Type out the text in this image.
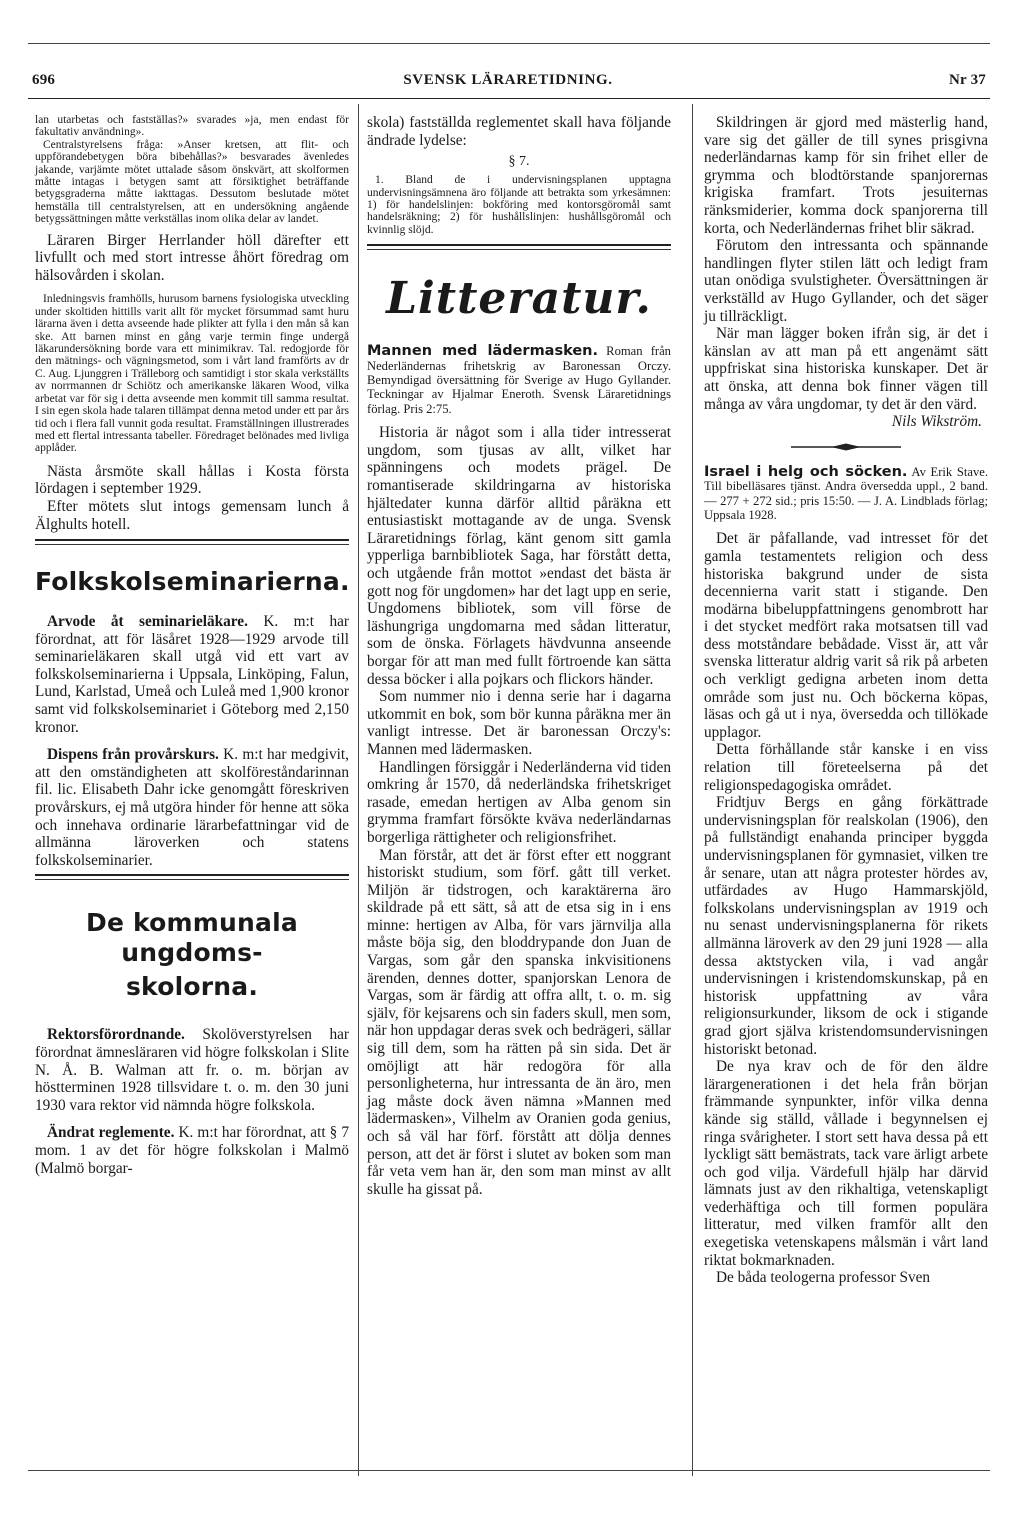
696	SVENSK LÄRARETIDNING.	Nr 37

lan utarbetas och fastställas?» svarades »ja, men endast för fakultativ användning».

Centralstyrelsens fråga: »Anser kretsen, att flit- och uppförandebetygen böra bibehållas?» besvarades ävenledes jakande, varjämte mötet uttalade såsom önskvärt, att skolformen måtte intagas i betygen samt att försiktighet beträffande betygsgraderna måtte iakttagas. Dessutom beslutade mötet hemställa till centralstyrelsen, att en undersökning angående betygssättningen måtte verkställas inom olika delar av landet.

Läraren Birger Herrlander höll därefter ett livfullt och med stort intresse åhört föredrag om hälsovården i skolan.

Inledningsvis framhölls, hurusom barnens fysiologiska utveckling under skoltiden hittills varit allt för mycket försummad samt huru lärarna även i detta avseende hade plikter att fylla i den mån så kan ske. Att barnen minst en gång varje termin finge undergå läkarundersökning borde vara ett minimikrav. Tal. redogjorde för den mätnings- och vägningsmetod, som i vårt land framförts av dr C. Aug. Ljunggren i Trälleborg och samtidigt i stor skala verkställts av norrmannen dr Schiötz och amerikanske läkaren Wood, vilka arbetat var för sig i detta avseende men kommit till samma resultat. I sin egen skola hade talaren tillämpat denna metod under ett par års tid och i flera fall vunnit goda resultat. Framställningen illustrerades med ett flertal intressanta tabeller. Föredraget belönades med livliga applåder.

Nästa årsmöte skall hållas i Kosta första lördagen i september 1929.

Efter mötets slut intogs gemensam lunch å Älghults hotell.

Folkskolseminarierna.

Arvode åt seminarieläkare. K. m:t har förordnat, att för läsåret 1928—1929 arvode till seminarieläkaren skall utgå vid ett vart av folkskolseminarierna i Uppsala, Linköping, Falun, Lund, Karlstad, Umeå och Luleå med 1,900 kronor samt vid folkskolseminariet i Göteborg med 2,150 kronor.

Dispens från provårskurs. K. m:t har medgivit, att den omständigheten att skolföreståndarinnan fil. lic. Elisabeth Dahr icke genomgått föreskriven provårskurs, ej må utgöra hinder för henne att söka och innehava ordinarie lärarbefattningar vid de allmänna läroverken och statens folkskolseminarier.

De kommunala ungdoms-
skolorna.

Rektorsförordnande. Skolöverstyrelsen har förordnat ämnesläraren vid högre folkskolan i Slite N. Å. B. Walman att fr. o. m. början av höstterminen 1928 tillsvidare t. o. m. den 30 juni 1930 vara rektor vid nämnda högre folkskola.

Ändrat reglemente. K. m:t har förordnat, att § 7 mom. 1 av det för högre folkskolan i Malmö (Malmö borgar-

skola) fastställda reglementet skall hava följande ändrade lydelse:

§ 7.

1. Bland de i undervisningsplanen upptagna undervisningsämnena äro följande att betrakta som yrkesämnen: 1) för handelslinjen: bokföring med kontorsgöromål samt handelsräkning; 2) för hushållslinjen: hushållsgöromål och kvinnlig slöjd.

Litteratur.
Mannen med lädermasken. Roman från Nederländernas frihetskrig av Baronessan Orczy. Bemyndigad översättning för Sverige av Hugo Gyllander. Teckningar av Hjalmar Eneroth. Svensk Läraretidnings förlag. Pris 2:75.

Historia är något som i alla tider intresserat ungdom, som tjusas av allt, vilket har spänningens och modets prägel. De romantiserade skildringarna av historiska hjältedater kunna därför alltid påräkna ett entusiastiskt mottagande av de unga. Svensk Läraretidnings förlag, känt genom sitt gamla ypperliga barnbibliotek Saga, har förstått detta, och utgående från mottot »endast det bästa är gott nog för ungdomen» har det lagt upp en serie, Ungdomens bibliotek, som vill förse de läshungriga ungdomarna med sådan litteratur, som de önska. Förlagets hävdvunna anseende borgar för att man med fullt förtroende kan sätta dessa böcker i alla pojkars och flickors händer.

Som nummer nio i denna serie har i dagarna utkommit en bok, som bör kunna påräkna mer än vanligt intresse. Det är baronessan Orczy's: Mannen med lädermasken.

Handlingen försiggår i Nederländerna vid tiden omkring år 1570, då nederländska frihetskriget rasade, emedan hertigen av Alba genom sin grymma framfart försökte kväva nederländarnas borgerliga rättigheter och religionsfrihet.

Man förstår, att det är först efter ett noggrant historiskt studium, som förf. gått till verket. Miljön är tidstrogen, och karaktärerna äro skildrade på ett sätt, så att de etsa sig in i ens minne: hertigen av Alba, för vars järnvilja alla måste böja sig, den bloddrypande don Juan de Vargas, som går den spanska inkvisitionens ärenden, dennes dotter, spanjorskan Lenora de Vargas, som är färdig att offra allt, t. o. m. sig själv, för kejsarens och sin faders skull, men som, när hon uppdagar deras svek och bedrägeri, sällar sig till dem, som ha rätten på sin sida. Det är omöjligt att här redogöra för alla personligheterna, hur intressanta de än äro, men jag måste dock även nämna »Mannen med lädermasken», Vilhelm av Oranien goda genius, och så väl har förf. förstått att dölja dennes person, att det är först i slutet av boken som man får veta vem han är, den som man minst av allt skulle ha gissat på.

Skildringen är gjord med mästerlig hand, vare sig det gäller de till synes prisgivna nederländarnas kamp för sin frihet eller de grymma och blodtörstande spanjorernas krigiska framfart. Trots jesuiternas ränksmiderier, komma dock spanjorerna till korta, och Nederländernas frihet blir säkrad.

Förutom den intressanta och spännande handlingen flyter stilen lätt och ledigt fram utan onödiga svulstigheter. Översättningen är verkställd av Hugo Gyllander, och det säger ju tillräckligt.

När man lägger boken ifrån sig, är det i känslan av att man på ett angenämt sätt uppfriskat sina historiska kunskaper. Det är att önska, att denna bok finner vägen till många av våra ungdomar, ty det är den värd.

Nils Wikström.

Israel i helg och söcken. Av Erik Stave. Till bibelläsares tjänst. Andra översedda uppl., 2 band. — 277 + 272 sid.; pris 15:50. — J. A. Lindblads förlag; Uppsala 1928.

Det är påfallande, vad intresset för det gamla testamentets religion och dess historiska bakgrund under de sista decennierna varit statt i stigande. Den modärna bibeluppfattningens genombrott har i det stycket medfört raka motsatsen till vad dess motståndare bebådade. Visst är, att vår svenska litteratur aldrig varit så rik på arbeten och verkligt gedigna arbeten inom detta område som just nu. Och böckerna köpas, läsas och gå ut i nya, översedda och tillökade upplagor.

Detta förhållande står kanske i en viss relation till företeelserna på det religionspedagogiska området.

Fridtjuv Bergs en gång förkättrade undervisningsplan för realskolan (1906), den på fullständigt enahanda principer byggda undervisningsplanen för gymnasiet, vilken tre år senare, utan att några protester hördes av, utfärdades av Hugo Hammarskjöld, folkskolans undervisningsplan av 1919 och nu senast undervisningsplanerna för rikets allmänna läroverk av den 29 juni 1928 — alla dessa aktstycken vila, i vad angår undervisningen i kristendomskunskap, på en historisk uppfattning av våra religionsurkunder, liksom de ock i stigande grad gjort själva kristendomsundervisningen historiskt betonad.

De nya krav och de för den äldre lärargenerationen i det hela från början främmande synpunkter, inför vilka denna kände sig ställd, vållade i begynnelsen ej ringa svårigheter. I stort sett hava dessa på ett lyckligt sätt bemästrats, tack vare ärligt arbete och god vilja. Värdefull hjälp har därvid lämnats just av den rikhaltiga, vetenskapligt vederhäftiga och till formen populära litteratur, med vilken framför allt den exegetiska vetenskapens målsmän i vårt land riktat bokmarknaden.

De båda teologerna professor Sven
